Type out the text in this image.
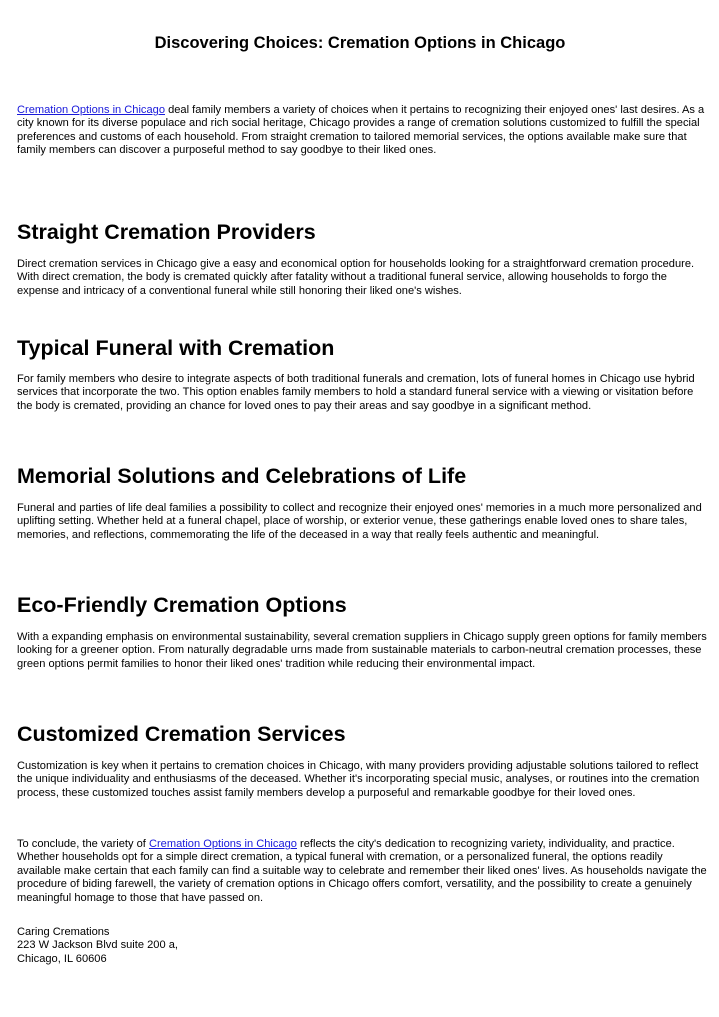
Discovering Choices: Cremation Options in Chicago

Cremation Options in Chicago deal family members a variety of choices when it pertains to recognizing their enjoyed ones' last desires. As a city known for its diverse populace and rich social heritage, Chicago provides a range of cremation solutions customized to fulfill the special preferences and customs of each household. From straight cremation to tailored memorial services, the options available make sure that family members can discover a purposeful method to say goodbye to their liked ones.

Straight Cremation Providers

Direct cremation services in Chicago give a easy and economical option for households looking for a straightforward cremation procedure. With direct cremation, the body is cremated quickly after fatality without a traditional funeral service, allowing households to forgo the expense and intricacy of a conventional funeral while still honoring their liked one's wishes.

Typical Funeral with Cremation

For family members who desire to integrate aspects of both traditional funerals and cremation, lots of funeral homes in Chicago use hybrid services that incorporate the two. This option enables family members to hold a standard funeral service with a viewing or visitation before the body is cremated, providing an chance for loved ones to pay their areas and say goodbye in a significant method.

Memorial Solutions and Celebrations of Life

Funeral and parties of life deal families a possibility to collect and recognize their enjoyed ones' memories in a much more personalized and uplifting setting. Whether held at a funeral chapel, place of worship, or exterior venue, these gatherings enable loved ones to share tales, memories, and reflections, commemorating the life of the deceased in a way that really feels authentic and meaningful.

Eco-Friendly Cremation Options

With a expanding emphasis on environmental sustainability, several cremation suppliers in Chicago supply green options for family members looking for a greener option. From naturally degradable urns made from sustainable materials to carbon-neutral cremation processes, these green options permit families to honor their liked ones' tradition while reducing their environmental impact.

Customized Cremation Services

Customization is key when it pertains to cremation choices in Chicago, with many providers providing adjustable solutions tailored to reflect the unique individuality and enthusiasms of the deceased. Whether it's incorporating special music, analyses, or routines into the cremation process, these customized touches assist family members develop a purposeful and remarkable goodbye for their loved ones.

To conclude, the variety of Cremation Options in Chicago reflects the city's dedication to recognizing variety, individuality, and practice. Whether households opt for a simple direct cremation, a typical funeral with cremation, or a personalized funeral, the options readily available make certain that each family can find a suitable way to celebrate and remember their liked ones' lives. As households navigate the procedure of biding farewell, the variety of cremation options in Chicago offers comfort, versatility, and the possibility to create a genuinely meaningful homage to those that have passed on.

Caring Cremations
223 W Jackson Blvd suite 200 a,
Chicago, IL 60606
